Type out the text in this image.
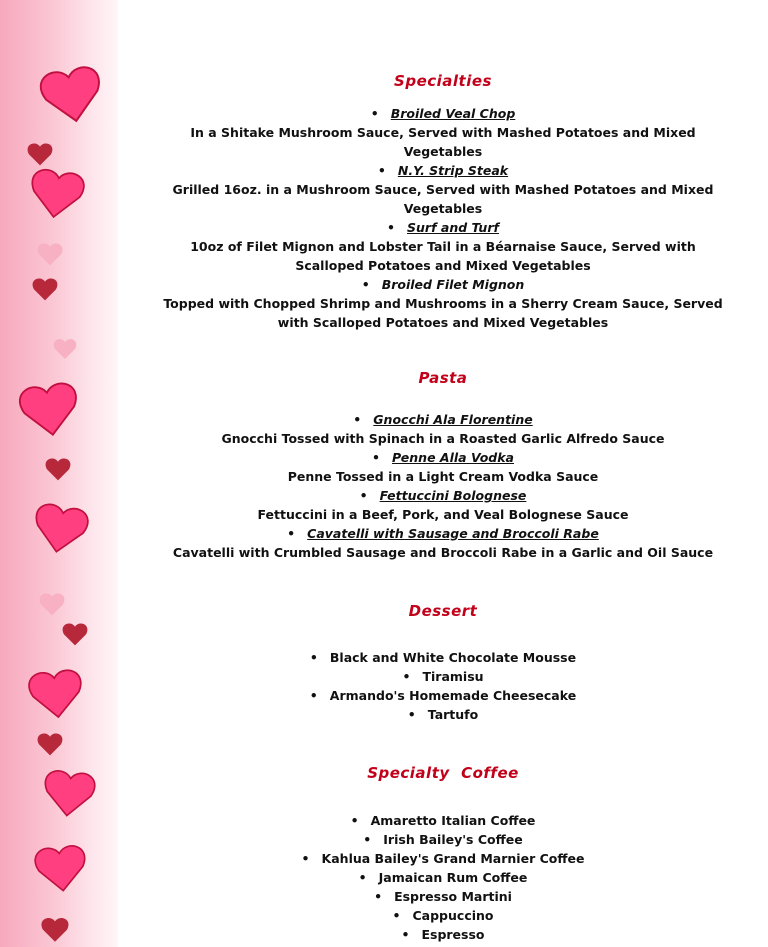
Specialties
• Broiled Veal Chop
In a Shitake Mushroom Sauce, Served with Mashed Potatoes and Mixed
Vegetables
• N.Y. Strip Steak
Grilled 16oz. in a Mushroom Sauce, Served with Mashed Potatoes and Mixed
Vegetables
• Surf and Turf
10oz of Filet Mignon and Lobster Tail in a Béarnaise Sauce, Served with
Scalloped Potatoes and Mixed Vegetables
• Broiled Filet Mignon
Topped with Chopped Shrimp and Mushrooms in a Sherry Cream Sauce, Served
with Scalloped Potatoes and Mixed Vegetables
Pasta
• Gnocchi Ala Florentine
Gnocchi Tossed with Spinach in a Roasted Garlic Alfredo Sauce
• Penne Alla Vodka
Penne Tossed in a Light Cream Vodka Sauce
• Fettuccini Bolognese
Fettuccini in a Beef, Pork, and Veal Bolognese Sauce
• Cavatelli with Sausage and Broccoli Rabe
Cavatelli with Crumbled Sausage and Broccoli Rabe in a Garlic and Oil Sauce
Dessert
• Black and White Chocolate Mousse
• Tiramisu
• Armando's Homemade Cheesecake
• Tartufo
Specialty  Coffee
• Amaretto Italian Coffee
• Irish Bailey's Coffee
• Kahlua Bailey's Grand Marnier Coffee
• Jamaican Rum Coffee
• Espresso Martini
• Cappuccino
• Espresso
